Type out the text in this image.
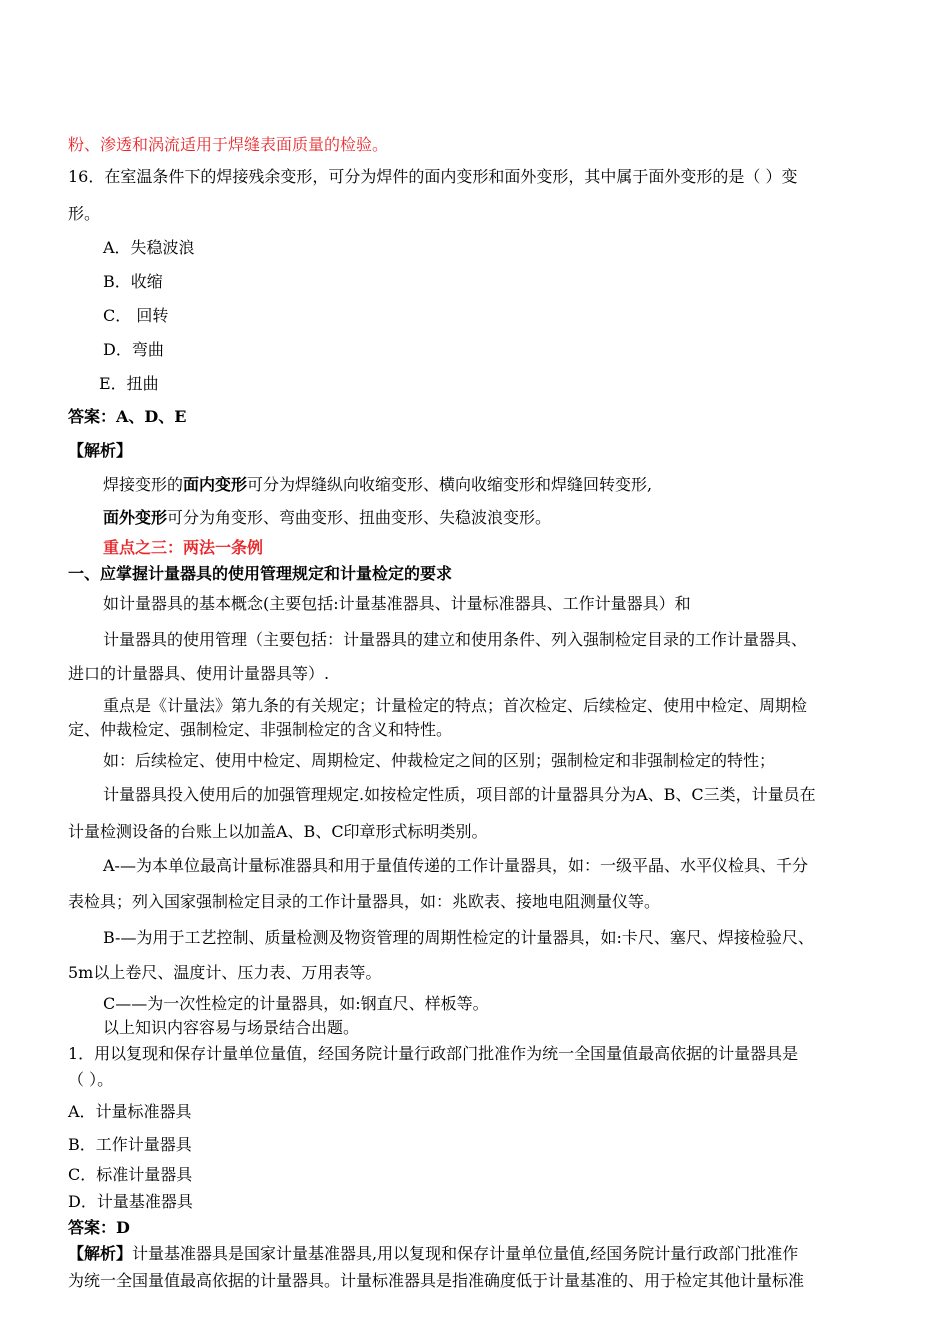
粉、渗透和涡流适用于焊缝表面质量的检验。
16．在室温条件下的焊接残余变形，可分为焊件的面内变形和面外变形，其中属于面外变形的是（ ）变
形。
A．失稳波浪
B．收缩
C． 回转
D．弯曲
E．扭曲
答案：A、D、E
【解析】
焊接变形的面内变形可分为焊缝纵向收缩变形、横向收缩变形和焊缝回转变形,
面外变形可分为角变形、弯曲变形、扭曲变形、失稳波浪变形。
重点之三：两法一条例
一、应掌握计量器具的使用管理规定和计量检定的要求
如计量器具的基本概念(主要包括:计量基准器具、计量标准器具、工作计量器具）和
计量器具的使用管理（主要包括：计量器具的建立和使用条件、列入强制检定目录的工作计量器具、
进口的计量器具、使用计量器具等）.
重点是《计量法》第九条的有关规定；计量检定的特点；首次检定、后续检定、使用中检定、周期检
定、仲裁检定、强制检定、非强制检定的含义和特性。
如：后续检定、使用中检定、周期检定、仲裁检定之间的区别；强制检定和非强制检定的特性；
计量器具投入使用后的加强管理规定.如按检定性质，项目部的计量器具分为A、B、C三类，计量员在
计量检测设备的台账上以加盖A、B、C印章形式标明类别。
A-—为本单位最高计量标准器具和用于量值传递的工作计量器具，如：一级平晶、水平仪检具、千分
表检具；列入国家强制检定目录的工作计量器具，如：兆欧表、接地电阻测量仪等。
B-—为用于工艺控制、质量检测及物资管理的周期性检定的计量器具，如:卡尺、塞尺、焊接检验尺、
5m以上卷尺、温度计、压力表、万用表等。
C——为一次性检定的计量器具，如:钢直尺、样板等。
以上知识内容容易与场景结合出题。
1．用以复现和保存计量单位量值，经国务院计量行政部门批准作为统一全国量值最高依据的计量器具是
（ ）。
A．计量标准器具
B．工作计量器具
C．标准计量器具
D．计量基准器具
答案：D
【解析】计量基准器具是国家计量基准器具,用以复现和保存计量单位量值,经国务院计量行政部门批准作
为统一全国量值最高依据的计量器具。计量标准器具是指准确度低于计量基准的、用于检定其他计量标准
